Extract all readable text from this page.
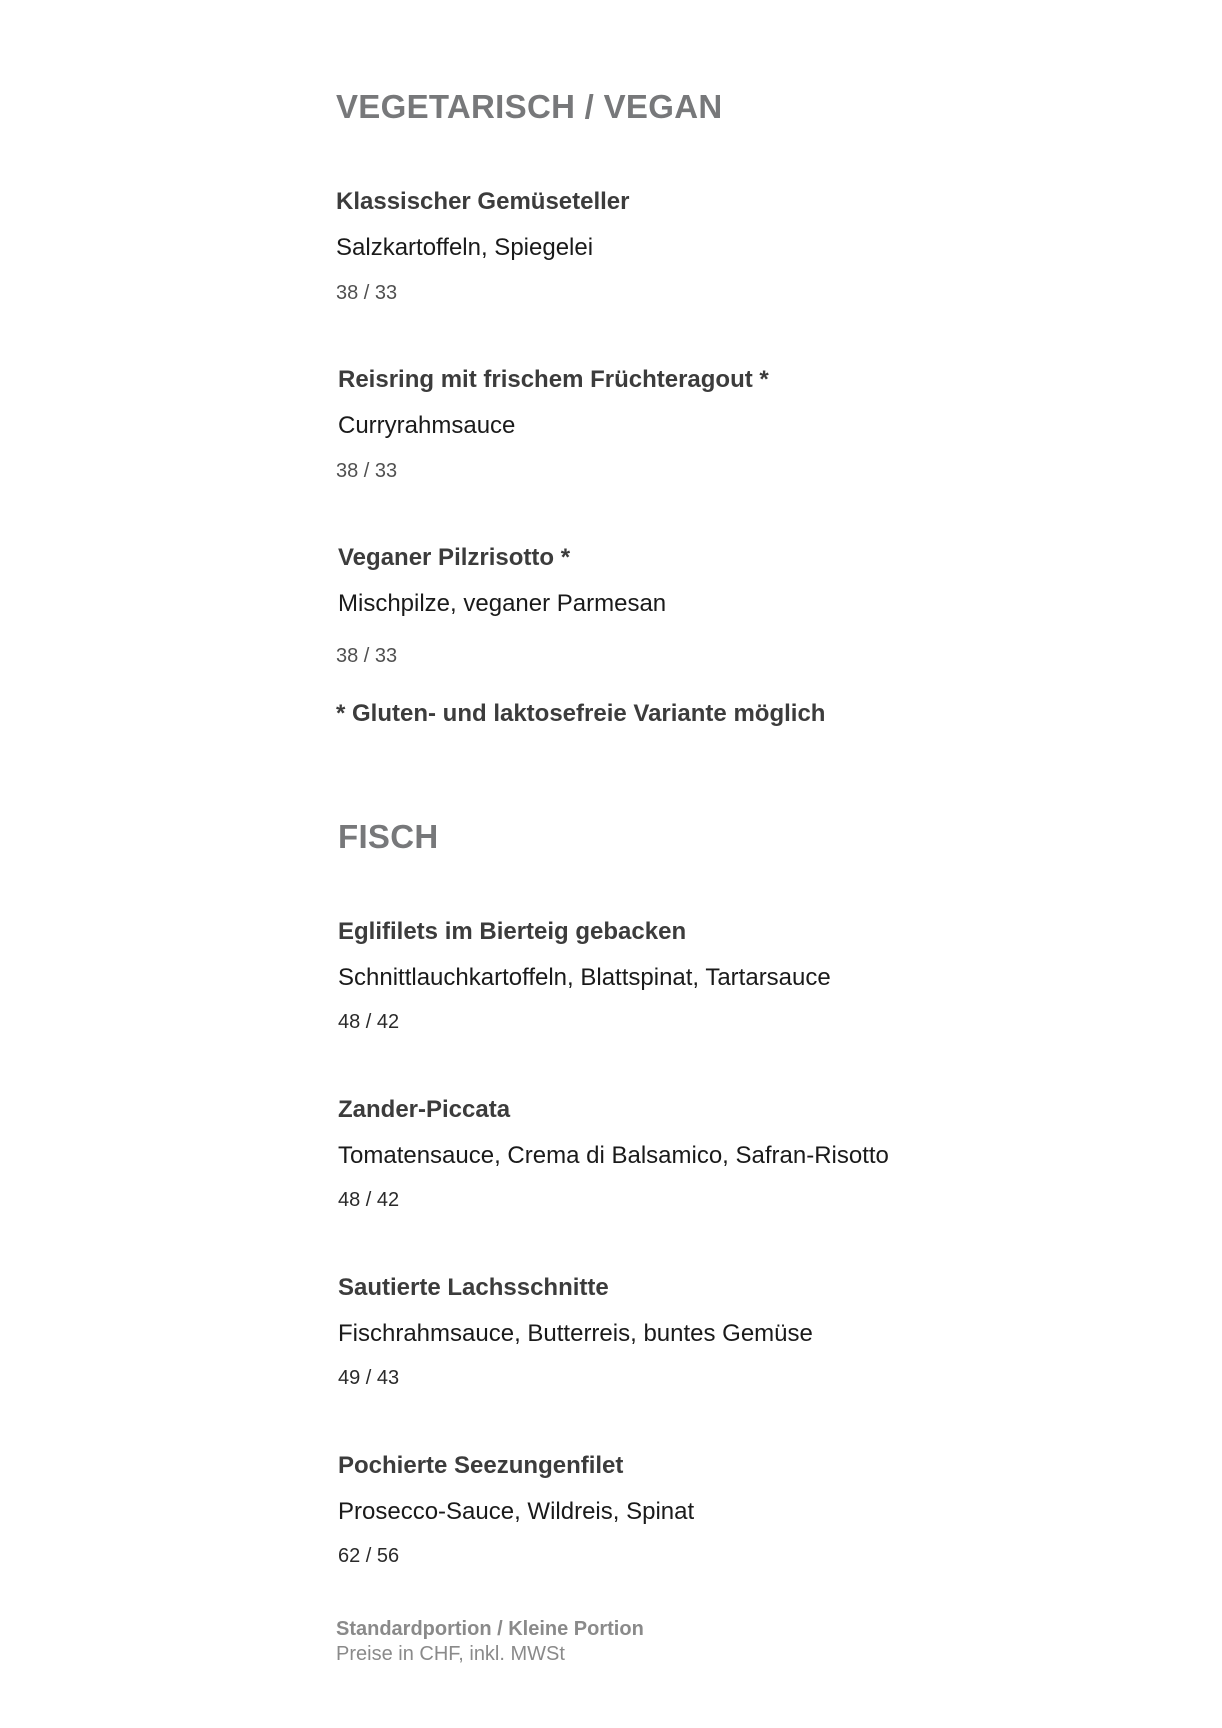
VEGETARISCH / VEGAN
Klassischer Gemüseteller
Salzkartoffeln, Spiegelei
38 / 33
Reisring mit frischem Früchteragout *
Curryrahmsauce
38 / 33
Veganer Pilzrisotto *
Mischpilze, veganer Parmesan
38 / 33
* Gluten- und laktosefreie Variante möglich
FISCH
Eglifilets im Bierteig gebacken
Schnittlauchkartoffeln, Blattspinat, Tartarsauce
48 / 42
Zander-Piccata
Tomatensauce, Crema di Balsamico, Safran-Risotto
48 / 42
Sautierte Lachsschnitte
Fischrahmsauce, Butterreis, buntes Gemüse
49 / 43
Pochierte Seezungenfilet
Prosecco-Sauce, Wildreis, Spinat
62 / 56
Standardportion / Kleine Portion
Preise in CHF, inkl. MWSt
